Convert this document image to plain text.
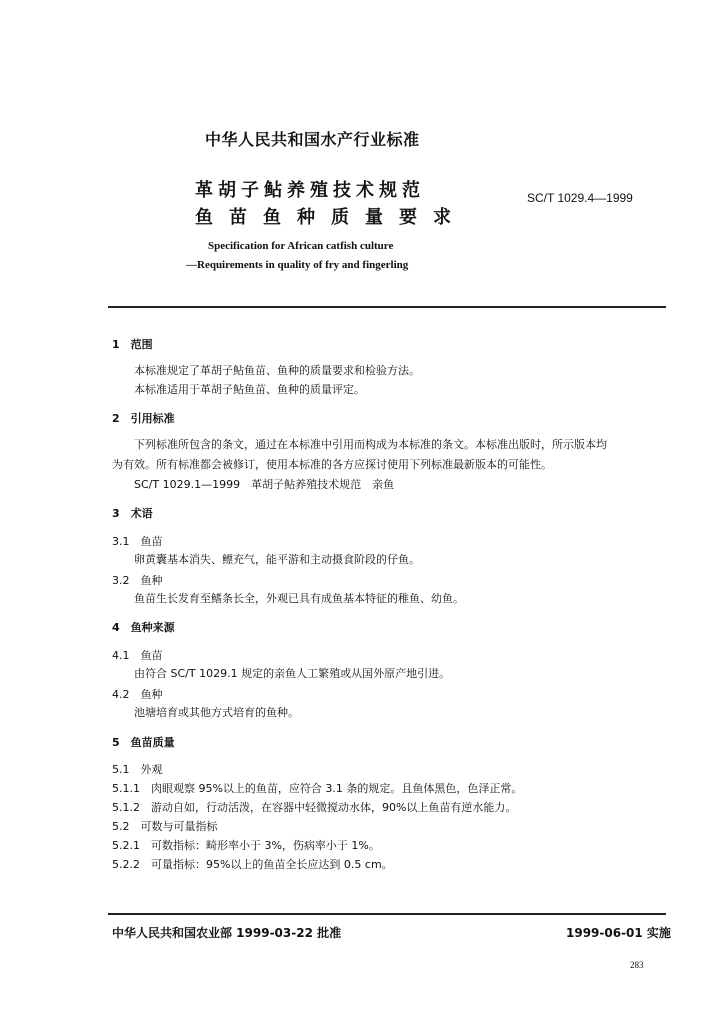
中华人民共和国水产行业标准
革胡子鲇养殖技术规范
鱼苗鱼种质量要求
SC/T 1029.4—1999
Specification for African catfish culture
—Requirements in quality of fry and fingerling
1　范围
本标准规定了革胡子鲇鱼苗、鱼种的质量要求和检验方法。
本标准适用于革胡子鲇鱼苗、鱼种的质量评定。
2　引用标准
下列标准所包含的条文，通过在本标准中引用而构成为本标准的条文。本标准出版时，所示版本均
为有效。所有标准都会被修订，使用本标准的各方应探讨使用下列标准最新版本的可能性。
SC/T 1029.1—1999　革胡子鲇养殖技术规范　亲鱼
3　术语
3.1　鱼苗
卵黄囊基本消失、鳔充气，能平游和主动摄食阶段的仔鱼。
3.2　鱼种
鱼苗生长发育至鳍条长全，外观已具有成鱼基本特征的稚鱼、幼鱼。
4　鱼种来源
4.1　鱼苗
由符合 SC/T 1029.1 规定的亲鱼人工繁殖或从国外原产地引进。
4.2　鱼种
池塘培育或其他方式培育的鱼种。
5　鱼苗质量
5.1　外观
5.1.1　肉眼观察 95%以上的鱼苗，应符合 3.1 条的规定。且鱼体黑色，色泽正常。
5.1.2　游动自如，行动活泼，在容器中轻微搅动水体，90%以上鱼苗有逆水能力。
5.2　可数与可量指标
5.2.1　可数指标：畸形率小于 3%，伤病率小于 1%。
5.2.2　可量指标：95%以上的鱼苗全长应达到 0.5 cm。
中华人民共和国农业部 1999-03-22 批准	1999-06-01 实施
283
